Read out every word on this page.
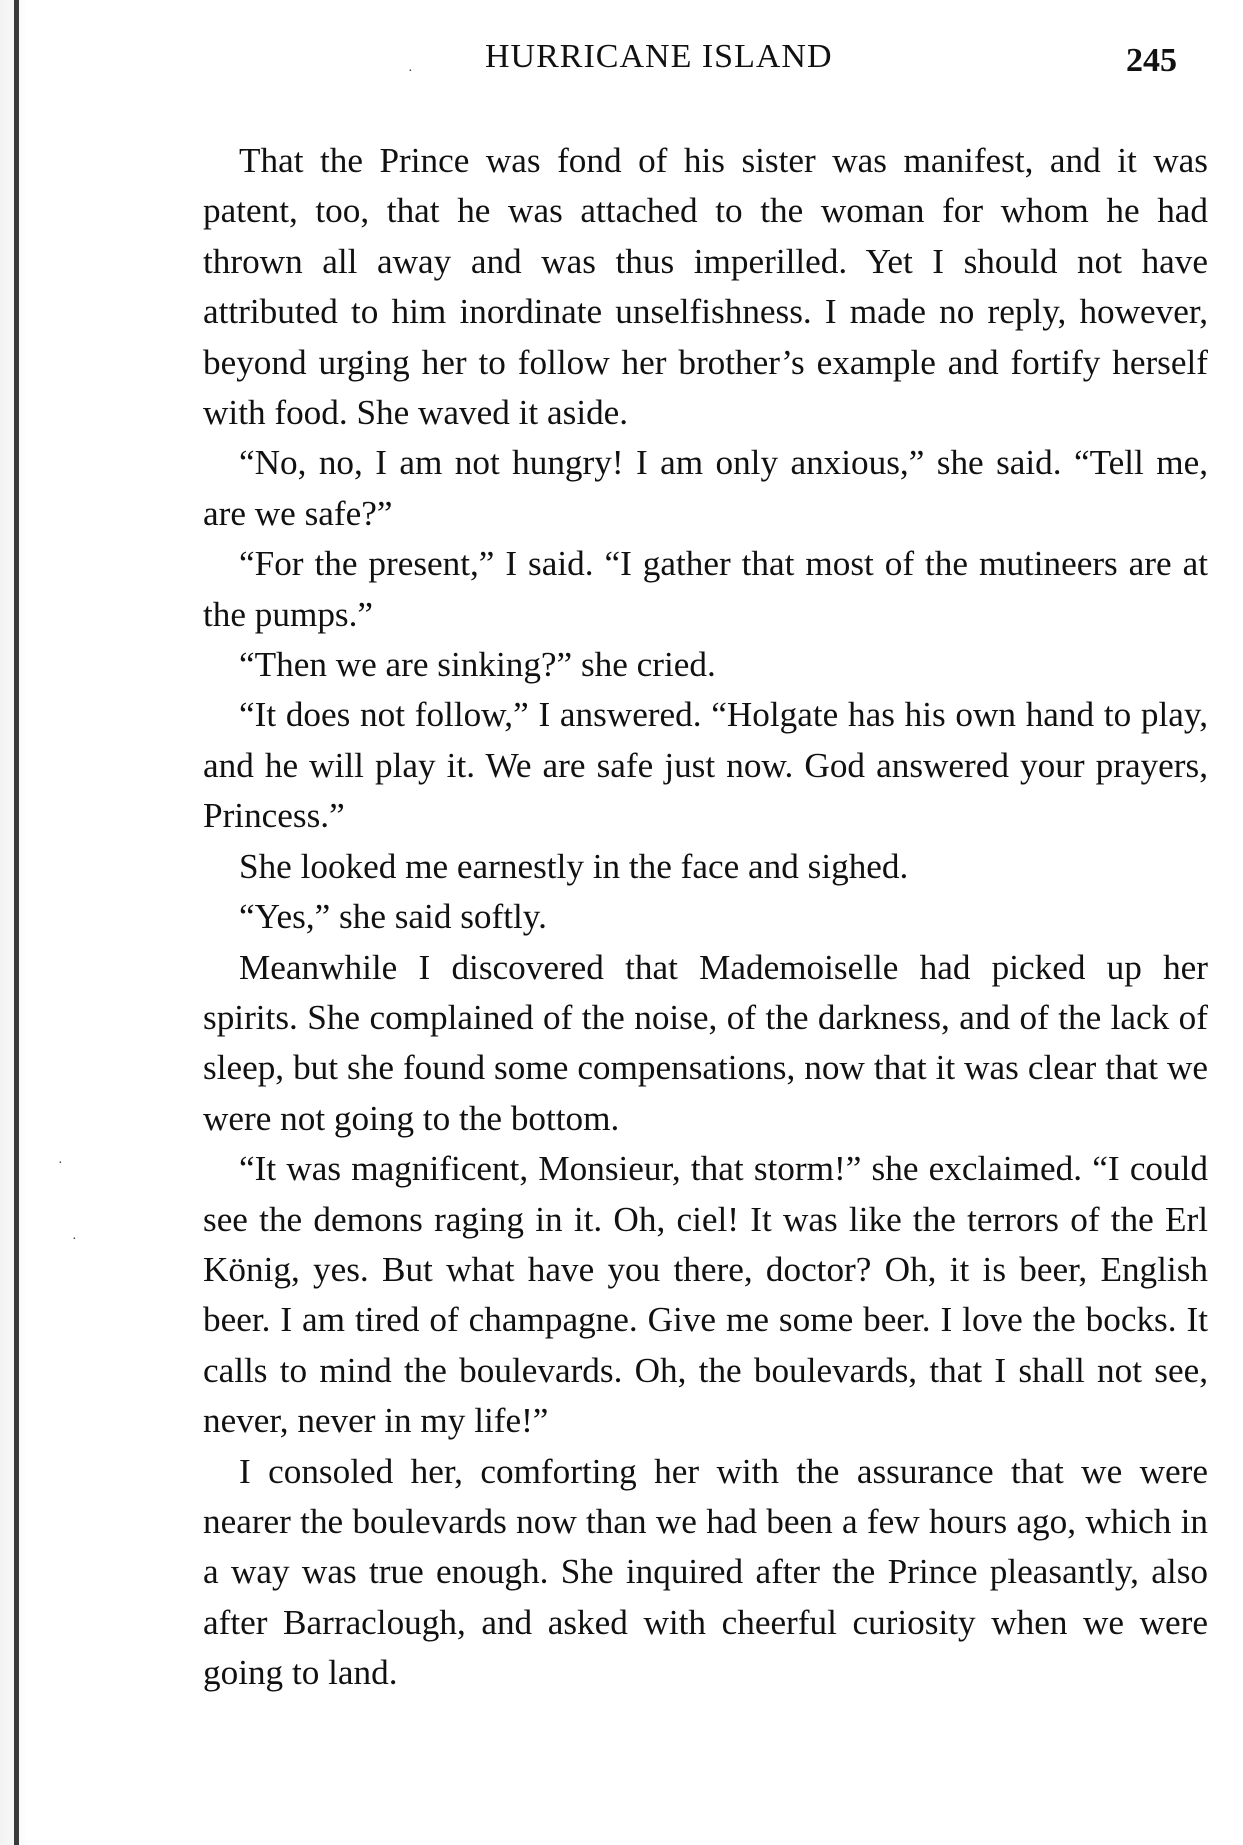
HURRICANE ISLAND	245

That the Prince was fond of his sister was manifest, and it was patent, too, that he was attached to the woman for whom he had thrown all away and was thus imperilled. Yet I should not have attributed to him inordinate unselfishness. I made no reply, however, beyond urging her to follow her brother’s example and fortify herself with food. She waved it aside.

“No, no, I am not hungry! I am only anxious,” she said. “Tell me, are we safe?”

“For the present,” I said. “I gather that most of the mutineers are at the pumps.”

“Then we are sinking?” she cried.

“It does not follow,” I answered. “Holgate has his own hand to play, and he will play it. We are safe just now. God answered your prayers, Princess.”

She looked me earnestly in the face and sighed.

“Yes,” she said softly.

Meanwhile I discovered that Mademoiselle had picked up her spirits. She complained of the noise, of the darkness, and of the lack of sleep, but she found some compensations, now that it was clear that we were not going to the bottom.

“It was magnificent, Monsieur, that storm!” she exclaimed. “I could see the demons raging in it. Oh, ciel! It was like the terrors of the Erl König, yes. But what have you there, doctor? Oh, it is beer, English beer. I am tired of champagne. Give me some beer. I love the bocks. It calls to mind the boulevards. Oh, the boulevards, that I shall not see, never, never in my life!”

I consoled her, comforting her with the assurance that we were nearer the boulevards now than we had been a few hours ago, which in a way was true enough. She inquired after the Prince pleasantly, also after Barraclough, and asked with cheerful curiosity when we were going to land.

·
·
·
